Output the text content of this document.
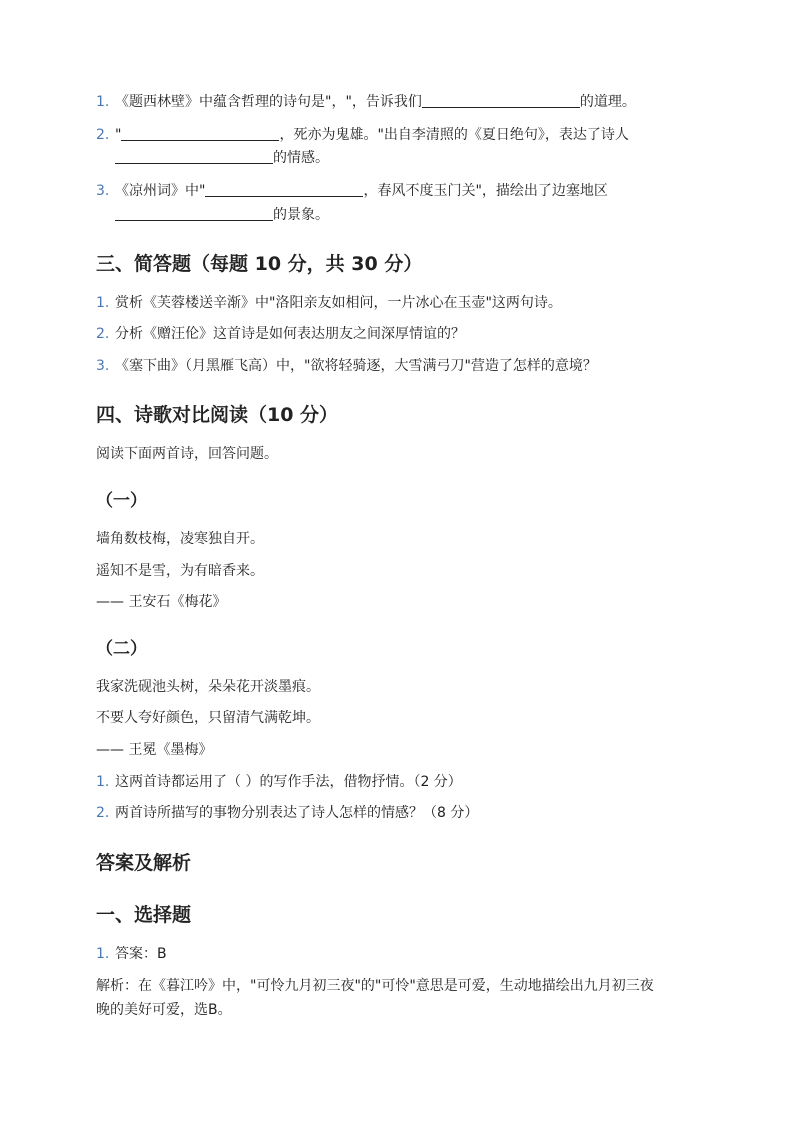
1. 《题西林壁》中蕴含哲理的诗句是"，"，告诉我们	的道理。
2. "	，死亦为鬼雄。"出自李清照的《夏日绝句》，表达了诗人
的情感。
3. 《凉州词》中"	，春风不度玉门关"，描绘出了边塞地区
的景象。
三、简答题（每题 10 分，共 30 分）
1. 赏析《芙蓉楼送辛渐》中"洛阳亲友如相问，一片冰心在玉壶"这两句诗。
2. 分析《赠汪伦》这首诗是如何表达朋友之间深厚情谊的？
3. 《塞下曲》（月黑雁飞高）中，"欲将轻骑逐，大雪满弓刀"营造了怎样的意境？
四、诗歌对比阅读（10 分）
阅读下面两首诗，回答问题。
（一）
墙角数枝梅，凌寒独自开。
遥知不是雪，为有暗香来。
—— 王安石《梅花》
（二）
我家洗砚池头树，朵朵花开淡墨痕。
不要人夸好颜色，只留清气满乾坤。
—— 王冕《墨梅》
1. 这两首诗都运用了（ ）的写作手法，借物抒情。（2 分）
2. 两首诗所描写的事物分别表达了诗人怎样的情感？（8 分）
答案及解析
一、选择题
1. 答案：B
解析：在《暮江吟》中，"可怜九月初三夜"的"可怜"意思是可爱，生动地描绘出九月初三夜
晚的美好可爱，选B。
